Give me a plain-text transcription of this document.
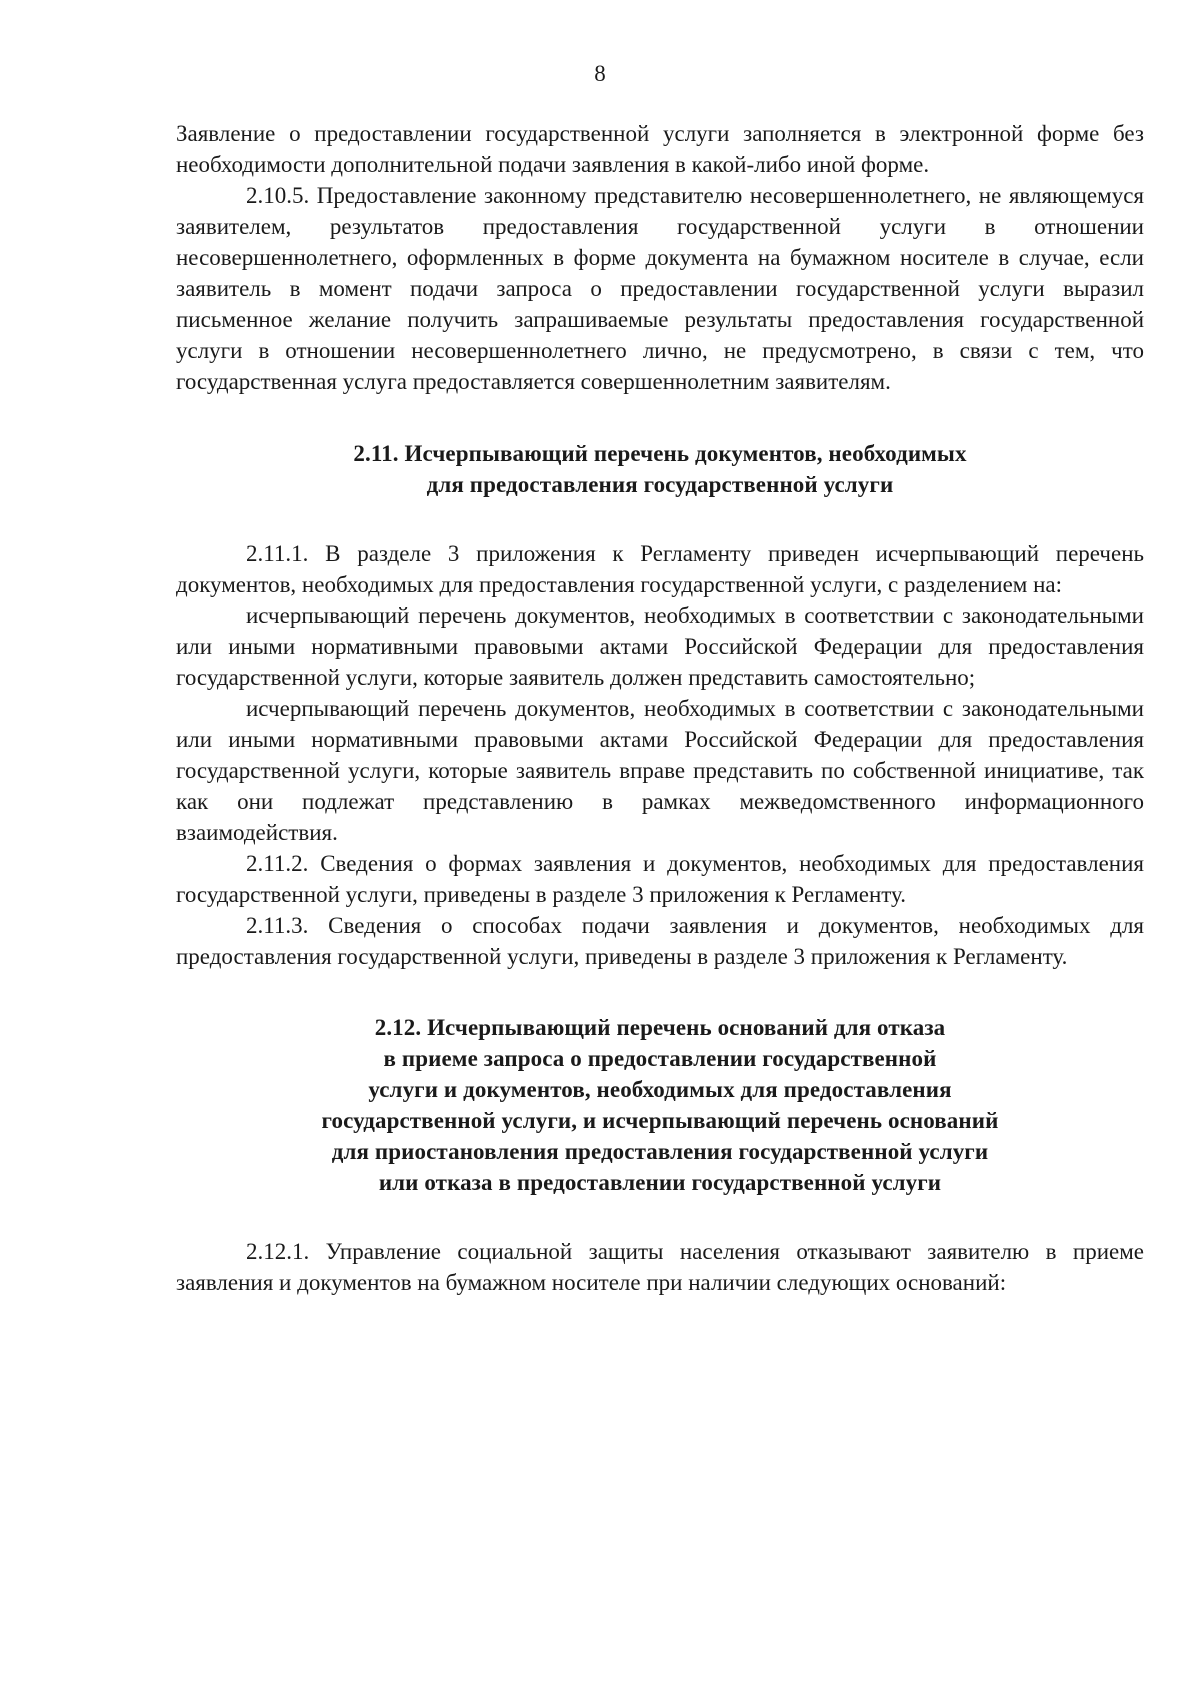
8

Заявление о предоставлении государственной услуги заполняется в электронной форме без необходимости дополнительной подачи заявления в какой-либо иной форме.

2.10.5. Предоставление законному представителю несовершеннолетнего, не являющемуся заявителем, результатов предоставления государственной услуги в отношении несовершеннолетнего, оформленных в форме документа на бумажном носителе в случае, если заявитель в момент подачи запроса о предоставлении государственной услуги выразил письменное желание получить запрашиваемые результаты предоставления государственной услуги в отношении несовершеннолетнего лично, не предусмотрено, в связи с тем, что государственная услуга предоставляется совершеннолетним заявителям.

2.11. Исчерпывающий перечень документов, необходимых
для предоставления государственной услуги

2.11.1. В разделе 3 приложения к Регламенту приведен исчерпывающий перечень документов, необходимых для предоставления государственной услуги, с разделением на:

исчерпывающий перечень документов, необходимых в соответствии с законодательными или иными нормативными правовыми актами Российской Федерации для предоставления государственной услуги, которые заявитель должен представить самостоятельно;

исчерпывающий перечень документов, необходимых в соответствии с законодательными или иными нормативными правовыми актами Российской Федерации для предоставления государственной услуги, которые заявитель вправе представить по собственной инициативе, так как они подлежат представлению в рамках межведомственного информационного взаимодействия.

2.11.2. Сведения о формах заявления и документов, необходимых для предоставления государственной услуги, приведены в разделе 3 приложения к Регламенту.

2.11.3. Сведения о способах подачи заявления и документов, необходимых для предоставления государственной услуги, приведены в разделе 3 приложения к Регламенту.

2.12. Исчерпывающий перечень оснований для отказа
в приеме запроса о предоставлении государственной
услуги и документов, необходимых для предоставления
государственной услуги, и исчерпывающий перечень оснований
для приостановления предоставления государственной услуги
или отказа в предоставлении государственной услуги

2.12.1. Управление социальной защиты населения отказывают заявителю в приеме заявления и документов на бумажном носителе при наличии следующих оснований:
